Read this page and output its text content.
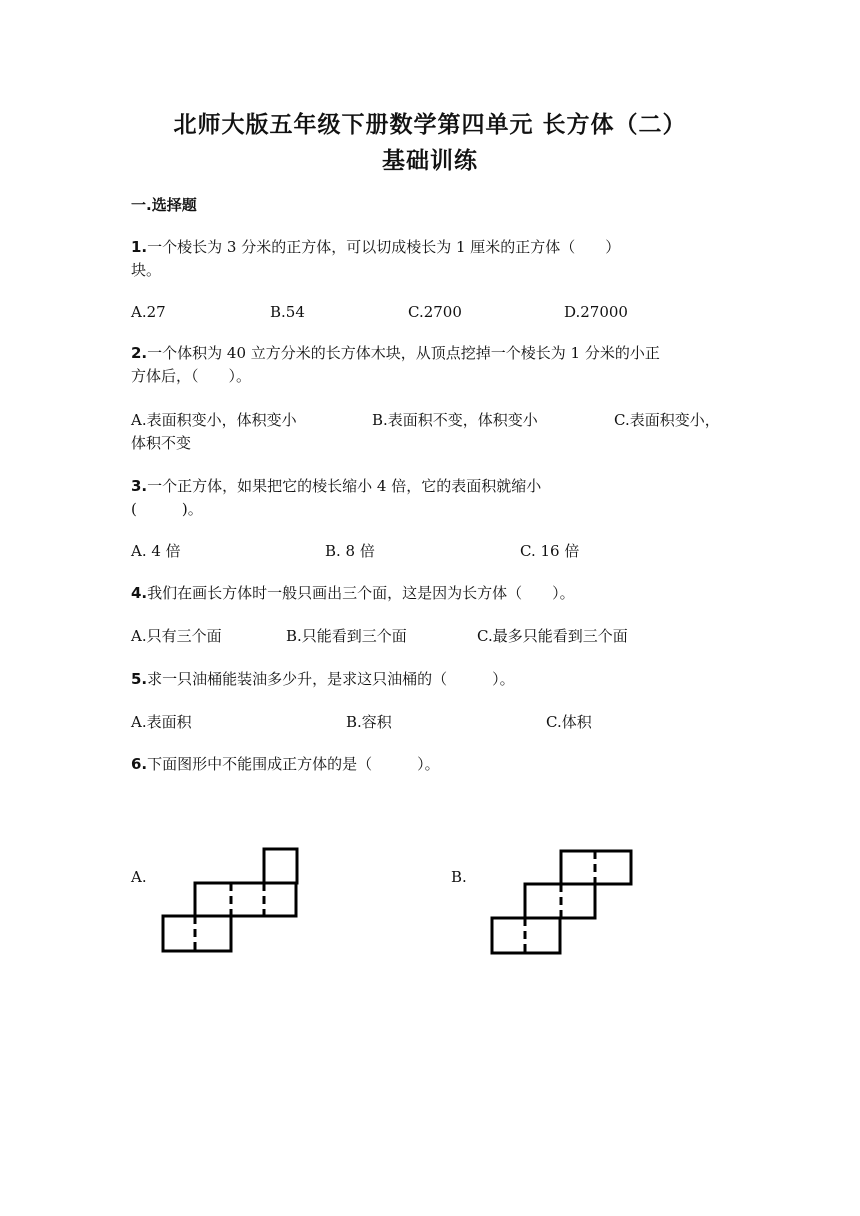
北师大版五年级下册数学第四单元 长方体（二）
基础训练
一.选择题
1.一个棱长为 3 分米的正方体，可以切成棱长为 1 厘米的正方体（　　）
块。
A.27	B.54	C.2700	D.27000
2.一个体积为 40 立方分米的长方体木块，从顶点挖掉一个棱长为 1 分米的小正
方体后，（　　）。
A.表面积变小，体积变小	B.表面积不变，体积变小	C.表面积变小，
体积不变
3.一个正方体，如果把它的棱长缩小 4 倍，它的表面积就缩小
(　　　)。
A. 4 倍	B. 8 倍	C. 16 倍
4.我们在画长方体时一般只画出三个面，这是因为长方体（　　）。
A.只有三个面	B.只能看到三个面	C.最多只能看到三个面
5.求一只油桶能装油多少升，是求这只油桶的（　　　）。
A.表面积	B.容积	C.体积
6.下面图形中不能围成正方体的是（　　　）。
A.	B.
